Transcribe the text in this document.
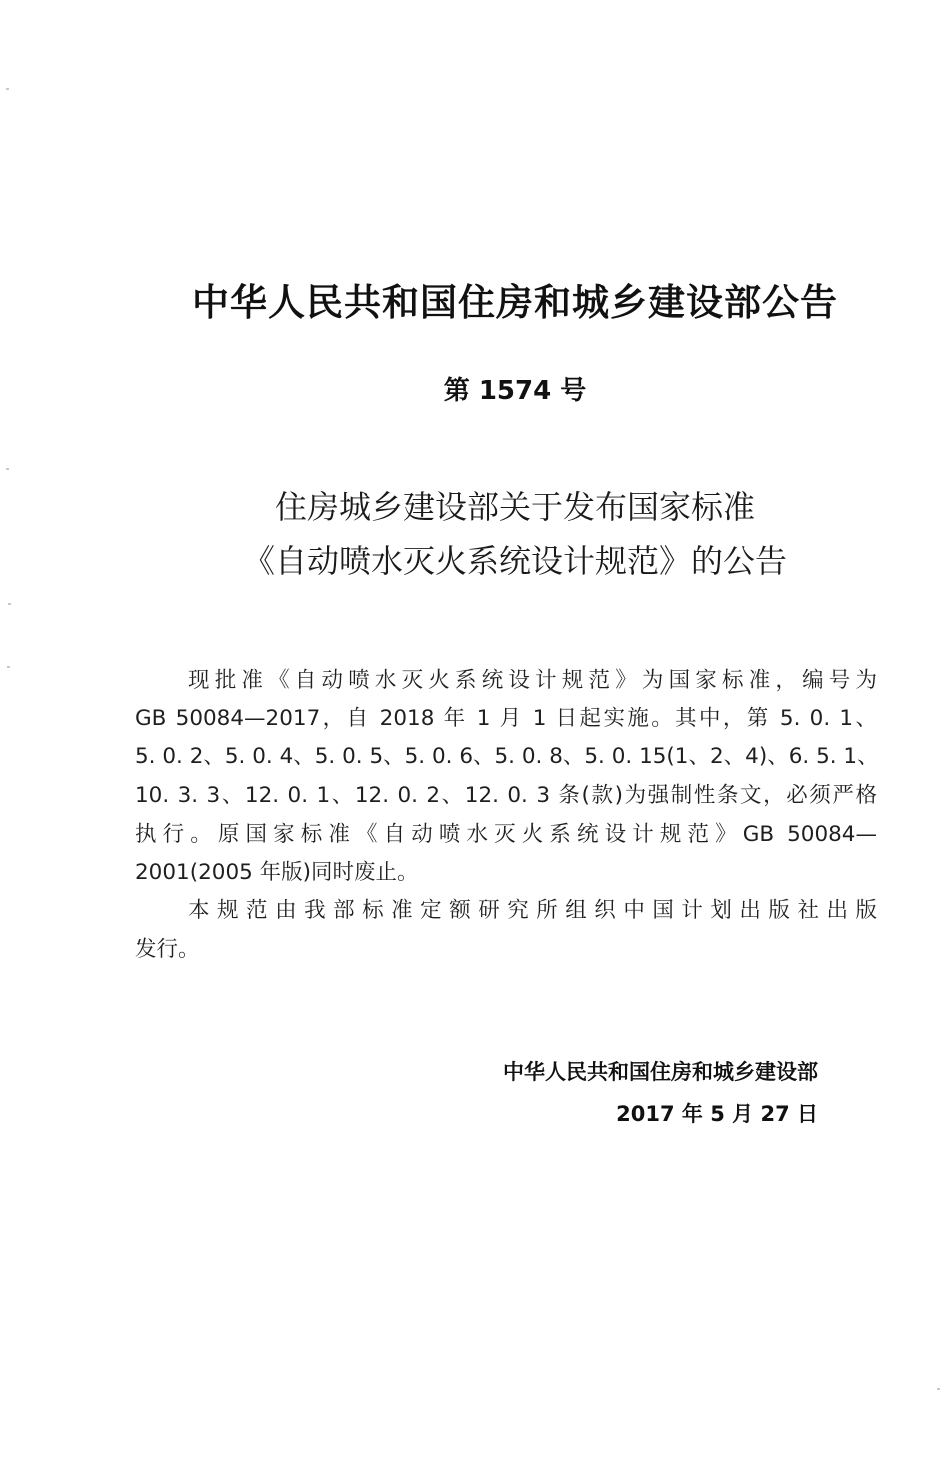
中华人民共和国住房和城乡建设部公告
第 1574 号
住房城乡建设部关于发布国家标准
《自动喷水灭火系统设计规范》的公告
现批准《自动喷水灭火系统设计规范》为国家标准，编号为
GB 50084—2017，自 2018 年 1 月 1 日起实施。其中，第 5. 0. 1、
5. 0. 2、5. 0. 4、5. 0. 5、5. 0. 6、5. 0. 8、5. 0. 15(1、2、4)、6. 5. 1、
10. 3. 3、12. 0. 1、12. 0. 2、12. 0. 3 条(款)为强制性条文，必须严格
执行。原国家标准《自动喷水灭火系统设计规范》GB 50084—
2001(2005 年版)同时废止。
本规范由我部标准定额研究所组织中国计划出版社出版
发行。
中华人民共和国住房和城乡建设部
2017 年 5 月 27 日
